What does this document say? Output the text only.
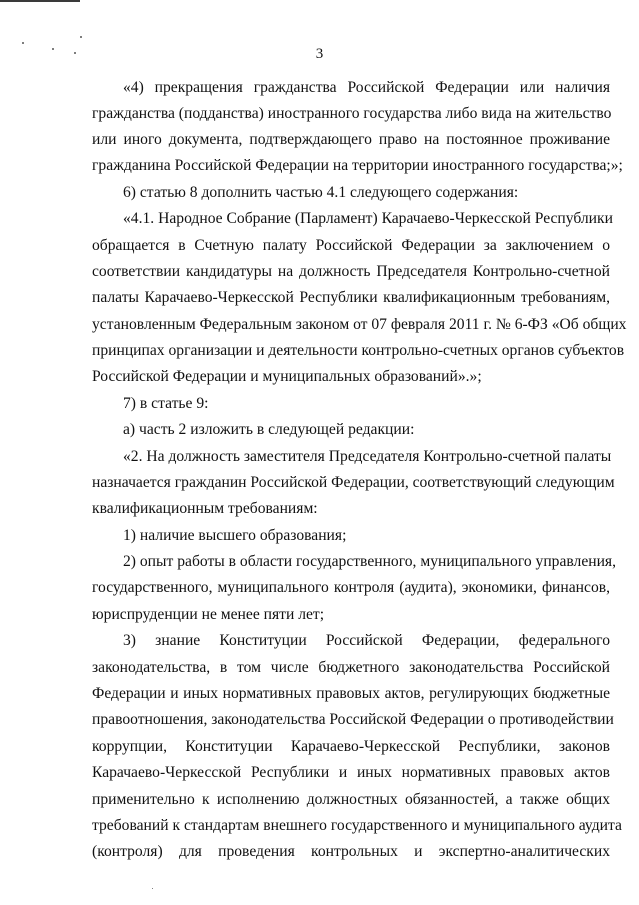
3
«4) прекращения гражданства Российской Федерации или наличия
гражданства (подданства) иностранного государства либо вида на жительство
или иного документа, подтверждающего право на постоянное проживание
гражданина Российской Федерации на территории иностранного государства;»;
6) статью 8 дополнить частью 4.1 следующего содержания:
«4.1. Народное Собрание (Парламент) Карачаево-Черкесской Республики
обращается в Счетную палату Российской Федерации за заключением о
соответствии кандидатуры на должность Председателя Контрольно-счетной
палаты Карачаево-Черкесской Республики квалификационным требованиям,
установленным Федеральным законом от 07 февраля 2011 г. № 6-ФЗ «Об общих
принципах организации и деятельности контрольно-счетных органов субъектов
Российской Федерации и муниципальных образований».»;
7) в статье 9:
а) часть 2 изложить в следующей редакции:
«2. На должность заместителя Председателя Контрольно-счетной палаты
назначается гражданин Российской Федерации, соответствующий следующим
квалификационным требованиям:
1) наличие высшего образования;
2) опыт работы в области государственного, муниципального управления,
государственного, муниципального контроля (аудита), экономики, финансов,
юриспруденции не менее пяти лет;
3) знание Конституции Российской Федерации, федерального
законодательства, в том числе бюджетного законодательства Российской
Федерации и иных нормативных правовых актов, регулирующих бюджетные
правоотношения, законодательства Российской Федерации о противодействии
коррупции, Конституции Карачаево-Черкесской Республики, законов
Карачаево-Черкесской Республики и иных нормативных правовых актов
применительно к исполнению должностных обязанностей, а также общих
требований к стандартам внешнего государственного и муниципального аудита
(контроля) для проведения контрольных и экспертно-аналитических
